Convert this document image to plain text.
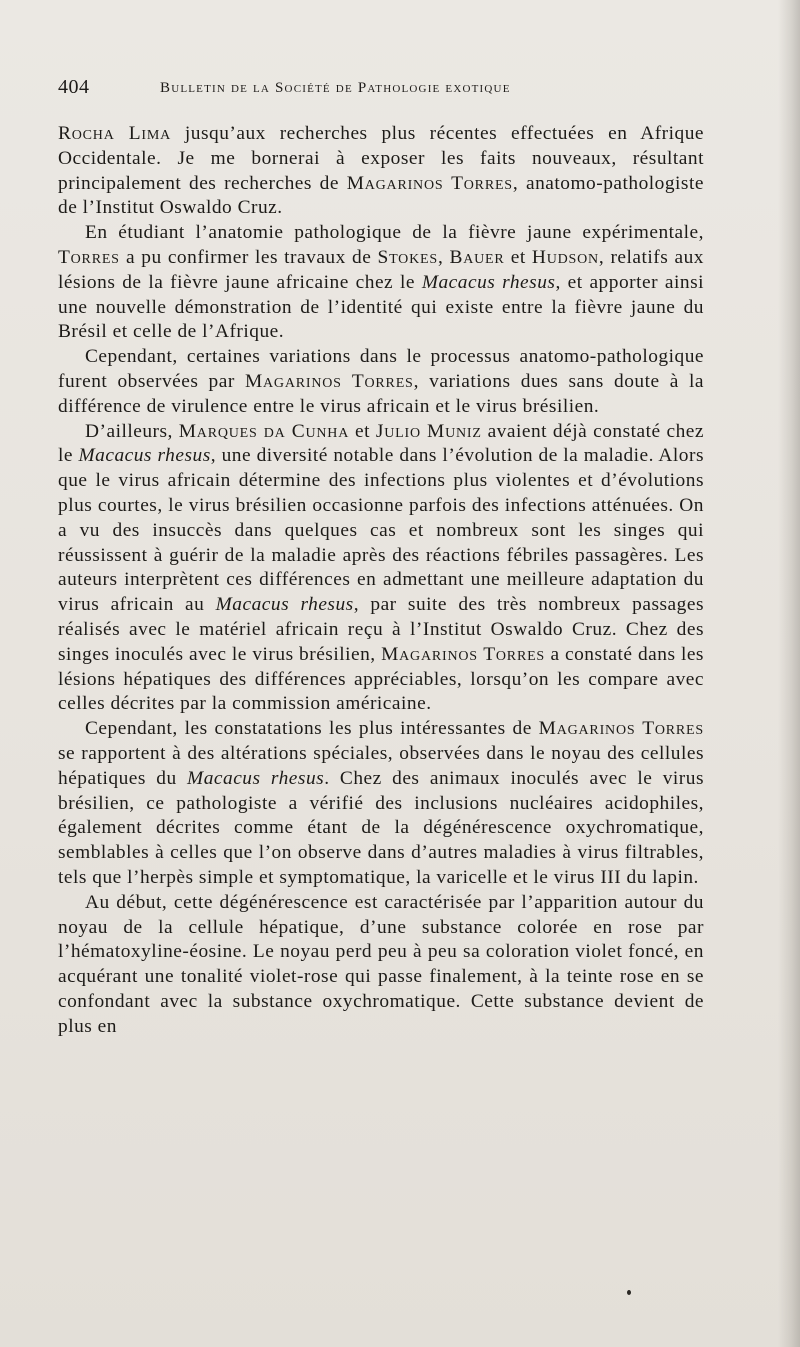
404	Bulletin de la Société de Pathologie exotique

Rocha Lima jusqu’aux recherches plus récentes effectuées en Afrique Occidentale. Je me bornerai à exposer les faits nouveaux, résultant principalement des recherches de Magarinos Torres, anatomo-pathologiste de l’Institut Oswaldo Cruz.

En étudiant l’anatomie pathologique de la fièvre jaune expérimentale, Torres a pu confirmer les travaux de Stokes, Bauer et Hudson, relatifs aux lésions de la fièvre jaune africaine chez le Macacus rhesus, et apporter ainsi une nouvelle démonstration de l’identité qui existe entre la fièvre jaune du Brésil et celle de l’Afrique.

Cependant, certaines variations dans le processus anatomo-pathologique furent observées par Magarinos Torres, variations dues sans doute à la différence de virulence entre le virus africain et le virus brésilien.

D’ailleurs, Marques da Cunha et Julio Muniz avaient déjà constaté chez le Macacus rhesus, une diversité notable dans l’évolution de la maladie. Alors que le virus africain détermine des infections plus violentes et d’évolutions plus courtes, le virus brésilien occasionne parfois des infections atténuées. On a vu des insuccès dans quelques cas et nombreux sont les singes qui réussissent à guérir de la maladie après des réactions fébriles passagères. Les auteurs interprètent ces différences en admettant une meilleure adaptation du virus africain au Macacus rhesus, par suite des très nombreux passages réalisés avec le matériel africain reçu à l’Institut Oswaldo Cruz. Chez des singes inoculés avec le virus brésilien, Magarinos Torres a constaté dans les lésions hépatiques des différences appréciables, lorsqu’on les compare avec celles décrites par la commission américaine.

Cependant, les constatations les plus intéressantes de Magarinos Torres se rapportent à des altérations spéciales, observées dans le noyau des cellules hépatiques du Macacus rhesus. Chez des animaux inoculés avec le virus brésilien, ce pathologiste a vérifié des inclusions nucléaires acidophiles, également décrites comme étant de la dégénérescence oxychromatique, semblables à celles que l’on observe dans d’autres maladies à virus filtrables, tels que l’herpès simple et symptomatique, la varicelle et le virus III du lapin.

Au début, cette dégénérescence est caractérisée par l’apparition autour du noyau de la cellule hépatique, d’une substance colorée en rose par l’hématoxyline-éosine. Le noyau perd peu à peu sa coloration violet foncé, en acquérant une tonalité violet-rose qui passe finalement, à la teinte rose en se confondant avec la substance oxychromatique. Cette substance devient de plus en
